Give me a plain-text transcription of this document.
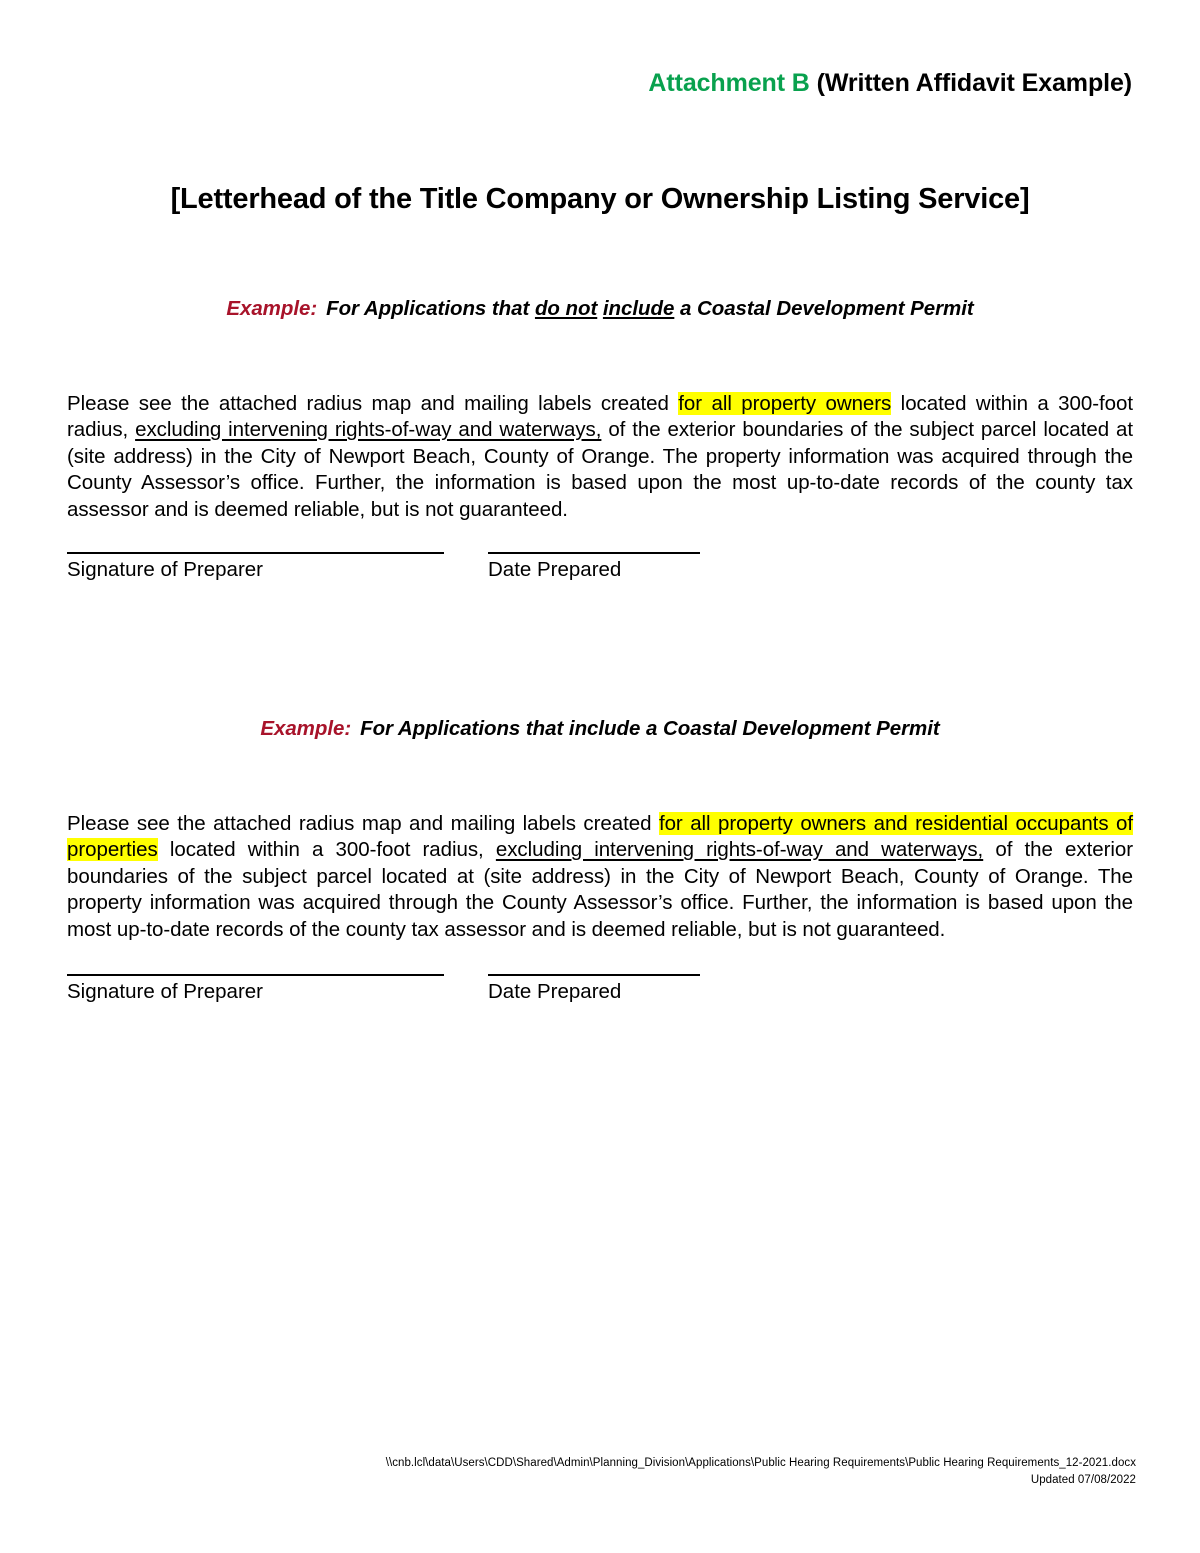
Attachment B (Written Affidavit Example)
[Letterhead of the Title Company or Ownership Listing Service]
Example: For Applications that do not include a Coastal Development Permit

Please see the attached radius map and mailing labels created for all property owners located within a 300-foot radius, excluding intervening rights-of-way and waterways, of the exterior boundaries of the subject parcel located at (site address) in the City of Newport Beach, County of Orange. The property information was acquired through the County Assessor’s office. Further, the information is based upon the most up-to-date records of the county tax assessor and is deemed reliable, but is not guaranteed.

Signature of Preparer	Date Prepared
Example: For Applications that include a Coastal Development Permit

Please see the attached radius map and mailing labels created for all property owners and residential occupants of properties located within a 300-foot radius, excluding intervening rights-of-way and waterways, of the exterior boundaries of the subject parcel located at (site address) in the City of Newport Beach, County of Orange. The property information was acquired through the County Assessor’s office. Further, the information is based upon the most up-to-date records of the county tax assessor and is deemed reliable, but is not guaranteed.

Signature of Preparer	Date Prepared
\\cnb.lcl\data\Users\CDD\Shared\Admin\Planning_Division\Applications\Public Hearing Requirements\Public Hearing Requirements_12-2021.docx
Updated 07/08/2022
